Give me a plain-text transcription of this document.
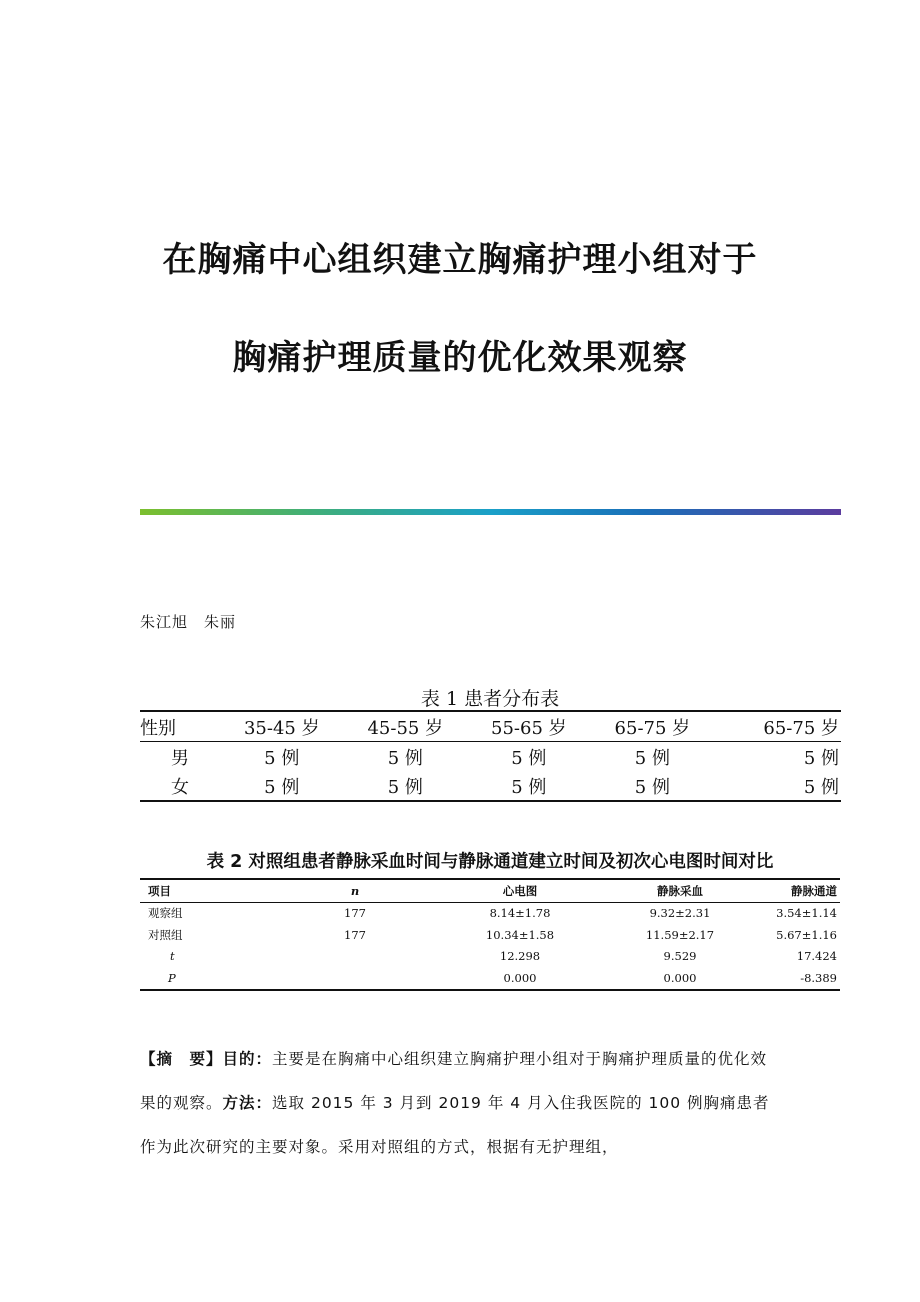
在胸痛中心组织建立胸痛护理小组对于
胸痛护理质量的优化效果观察
朱江旭　朱丽
表 1 患者分布表
性别	35-45 岁	45-55 岁	55-65 岁	65-75 岁	65-75 岁
男	5 例	5 例	5 例	5 例	5 例
女	5 例	5 例	5 例	5 例	5 例
表 2 对照组患者静脉采血时间与静脉通道建立时间及初次心电图时间对比
项目	n	心电图	静脉采血	静脉通道
观察组	177	8.14±1.78	9.32±2.31	3.54±1.14
对照组	177	10.34±1.58	11.59±2.17	5.67±1.16
t		12.298	9.529	17.424
P		0.000	0.000	-8.389
【摘　要】目的：主要是在胸痛中心组织建立胸痛护理小组对于胸痛护理质量的优化效果的观察。方法：选取 2015 年 3 月到 2019 年 4 月入住我医院的 100 例胸痛患者作为此次研究的主要对象。采用对照组的方式，根据有无护理组，
